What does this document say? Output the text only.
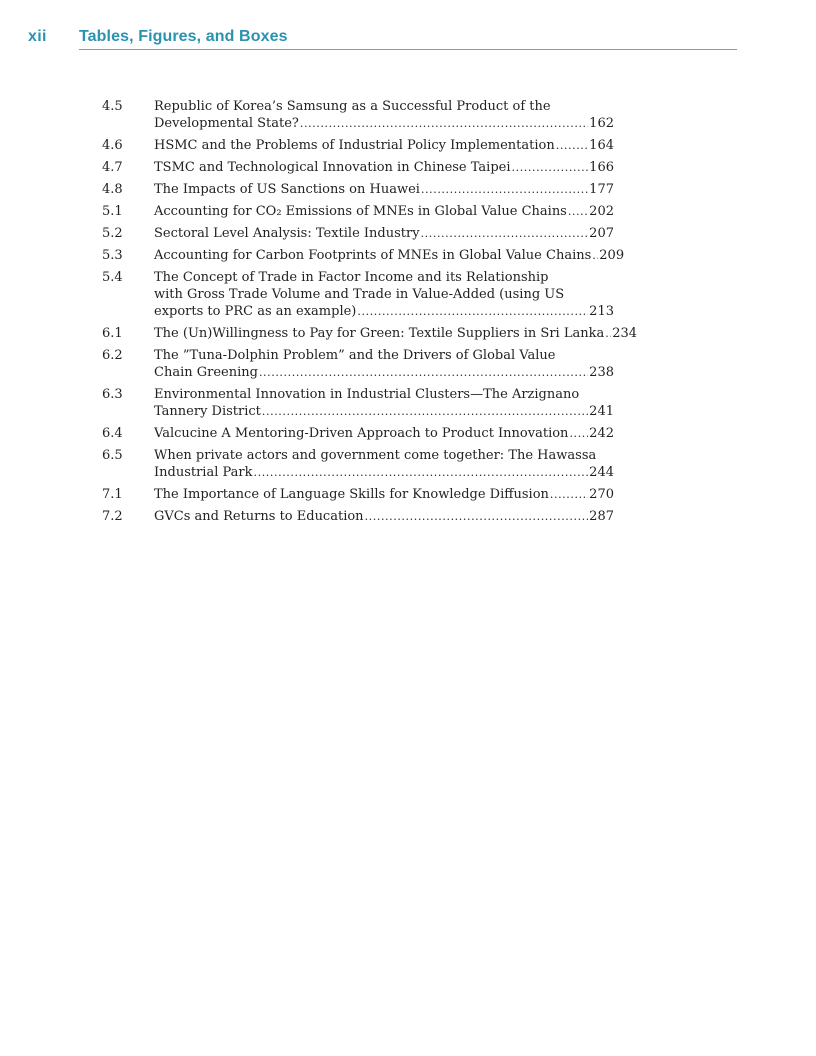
xii Tables, Figures, and Boxes
4.5	Republic of Korea’s Samsung as a Successful Product of the
Developmental State? .....	162
4.6	HSMC and the Problems of Industrial Policy Implementation .....	164
4.7	TSMC and Technological Innovation in Chinese Taipei .....	166
4.8	The Impacts of US Sanctions on Huawei .....	177
5.1	Accounting for CO₂ Emissions of MNEs in Global Value Chains ..... 202
5.2	Sectoral Level Analysis: Textile Industry .....	207
5.3	Accounting for Carbon Footprints of MNEs in Global Value Chains ..... 209
5.4	The Concept of Trade in Factor Income and its Relationship
with Gross Trade Volume and Trade in Value-Added (using US
exports to PRC as an example) .....	213
6.1	The (Un)Willingness to Pay for Green: Textile Suppliers in Sri Lanka ..... 234
6.2	The ”Tuna-Dolphin Problem” and the Drivers of Global Value
Chain Greening .....	238
6.3	Environmental Innovation in Industrial Clusters—The Arzignano
Tannery District .....	241
6.4	Valcucine A Mentoring-Driven Approach to Product Innovation ..... 242
6.5	When private actors and government come together: The Hawassa
Industrial Park .....	244
7.1	The Importance of Language Skills for Knowledge Diffusion .....	270
7.2	GVCs and Returns to Education .....	287
